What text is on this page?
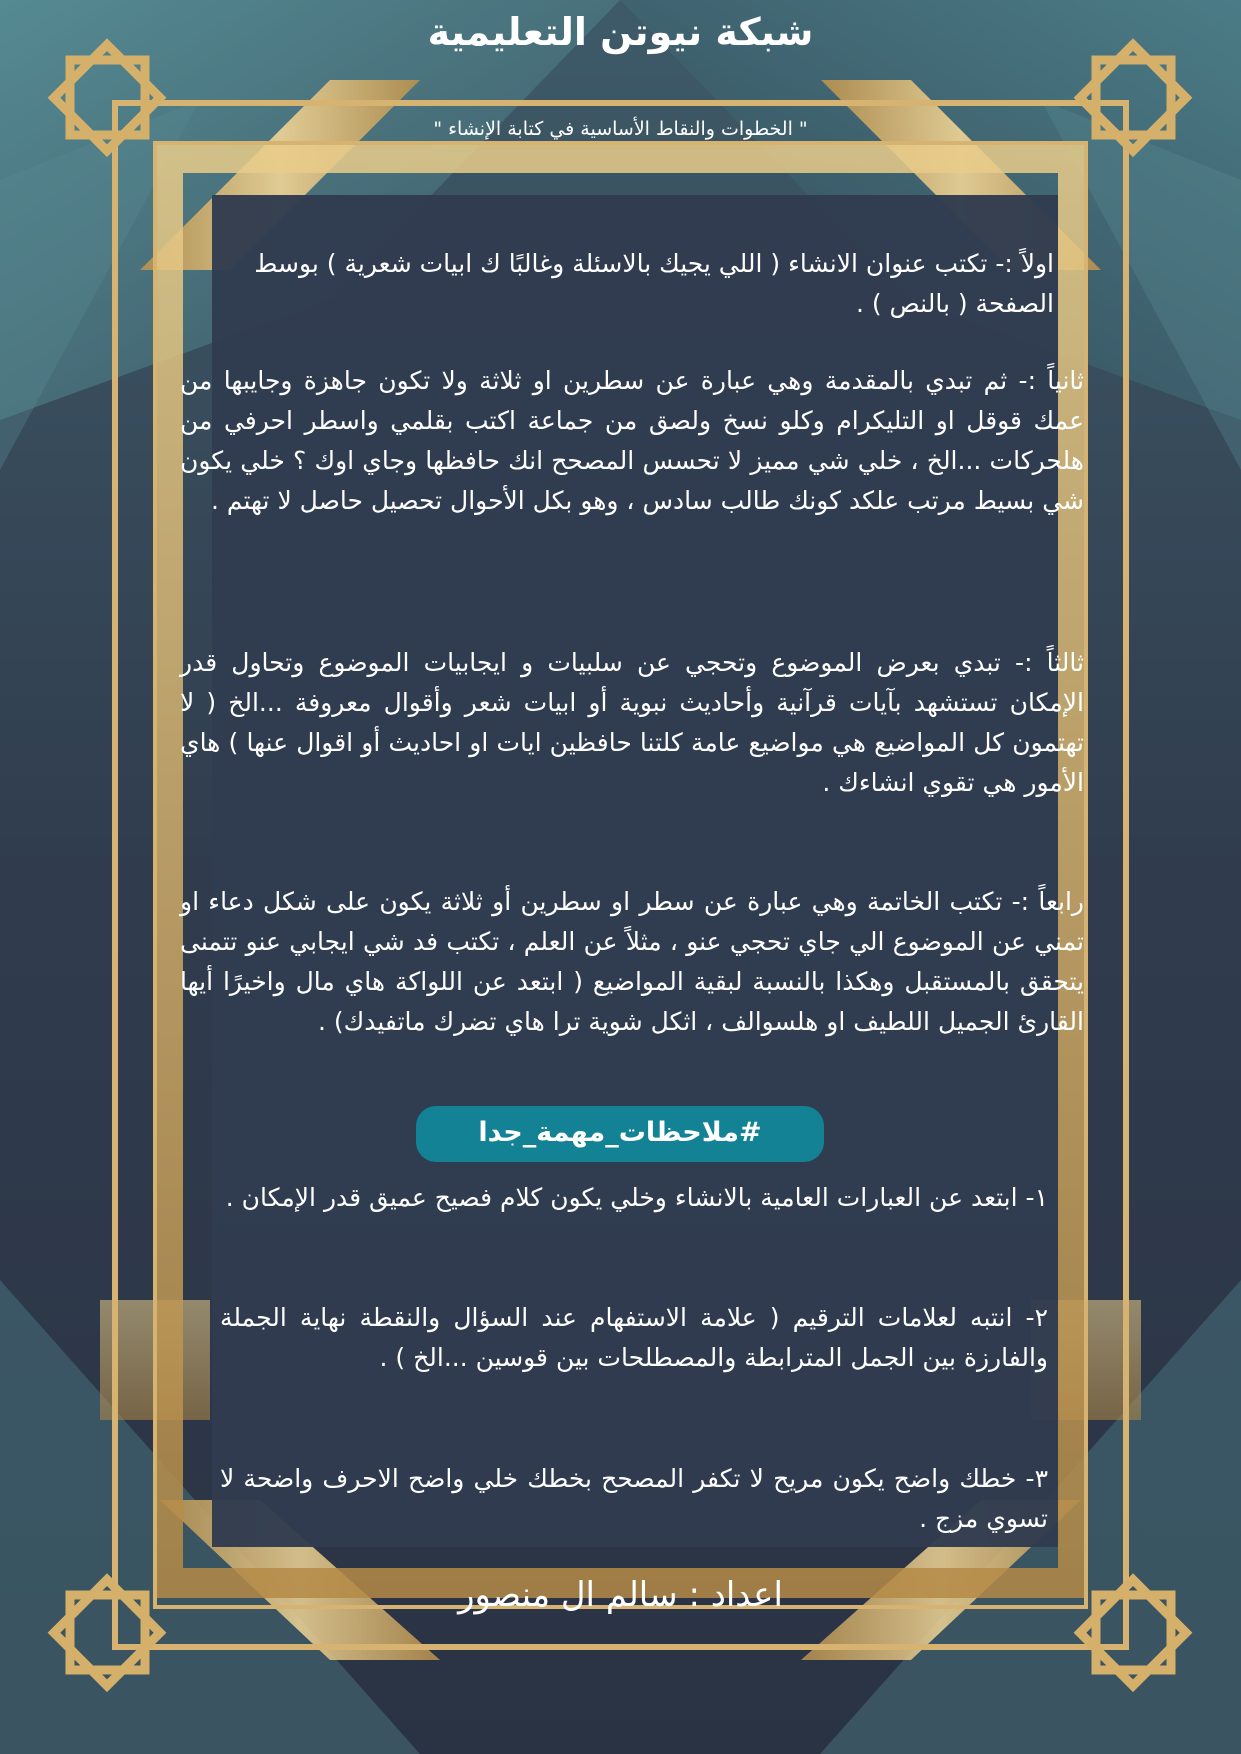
شبكة نيوتن التعليمية
" الخطوات والنقاط الأساسية في كتابة الإنشاء "

اولاً :- تكتب عنوان الانشاء ( اللي يجيك بالاسئلة وغالبًا ك ابيات شعرية ) بوسط الصفحة ( بالنص ) .

ثانياً :- ثم تبدي بالمقدمة وهي عبارة عن سطرين او ثلاثة ولا تكون جاهزة وجايبها من عمك قوقل او التليكرام وكلو نسخ ولصق من جماعة اكتب بقلمي واسطر احرفي من هلحركات ...الخ ، خلي شي مميز لا تحسس المصحح انك حافظها وجاي اوك ؟ خلي يكون شي بسيط مرتب علكد كونك طالب سادس ، وهو بكل الأحوال تحصيل حاصل لا تهتم .

ثالثاً :- تبدي بعرض الموضوع وتحجي عن سلبيات و ايجابيات الموضوع وتحاول قدر الإمكان تستشهد بآيات قرآنية وأحاديث نبوية أو ابيات شعر وأقوال معروفة ...الخ ( لا تهتمون كل المواضيع هي مواضيع عامة كلتنا حافظين ايات او احاديث أو اقوال عنها ) هاي الأمور هي تقوي انشاءك .

رابعاً :- تكتب الخاتمة وهي عبارة عن سطر او سطرين أو ثلاثة يكون على شكل دعاء او تمني عن الموضوع الي جاي تحجي عنو ، مثلاً عن العلم ، تكتب فد شي ايجابي عنو تتمنى يتحقق بالمستقبل وهكذا بالنسبة لبقية المواضيع ( ابتعد عن اللواكة هاي مال واخيرًا أيها القارئ الجميل اللطيف او هلسوالف ، اثكل شوية ترا هاي تضرك ماتفيدك) .

#ملاحظات_مهمة_جدا

١- ابتعد عن العبارات العامية بالانشاء وخلي يكون كلام فصيح عميق قدر الإمكان .

٢- انتبه لعلامات الترقيم ( علامة الاستفهام عند السؤال والنقطة نهاية الجملة والفارزة بين الجمل المترابطة والمصطلحات بين قوسين ...الخ ) .

٣- خطك واضح يكون مريح لا تكفر المصحح بخطك خلي واضح الاحرف واضحة لا تسوي مزج .

اعداد : سالم ال منصور
